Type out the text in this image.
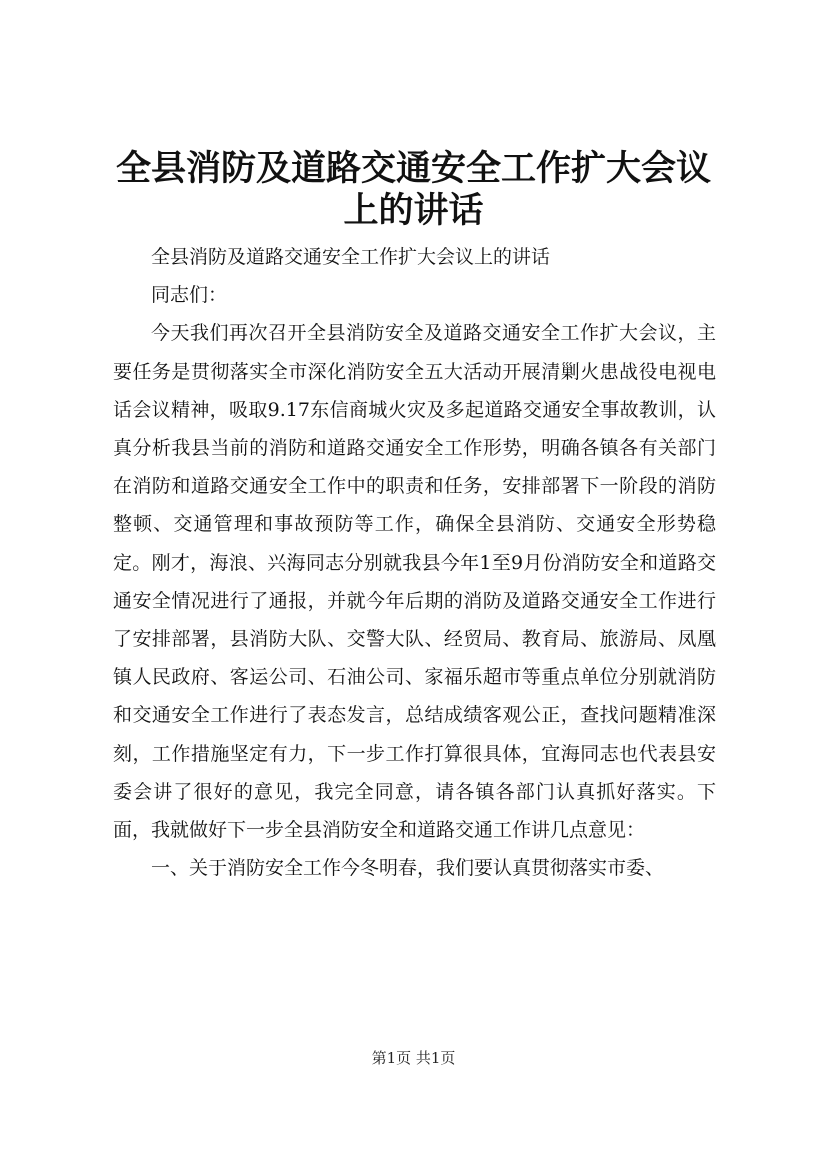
全县消防及道路交通安全工作扩大会议上的讲话

全县消防及道路交通安全工作扩大会议上的讲话

同志们：

今天我们再次召开全县消防安全及道路交通安全工作扩大会议，主要任务是贯彻落实全市深化消防安全五大活动开展清剿火患战役电视电话会议精神，吸取9.17东信商城火灾及多起道路交通安全事故教训，认真分析我县当前的消防和道路交通安全工作形势，明确各镇各有关部门在消防和道路交通安全工作中的职责和任务，安排部署下一阶段的消防整顿、交通管理和事故预防等工作，确保全县消防、交通安全形势稳定。刚才，海浪、兴海同志分别就我县今年1至9月份消防安全和道路交通安全情况进行了通报，并就今年后期的消防及道路交通安全工作进行了安排部署，县消防大队、交警大队、经贸局、教育局、旅游局、凤凰镇人民政府、客运公司、石油公司、家福乐超市等重点单位分别就消防和交通安全工作进行了表态发言，总结成绩客观公正，查找问题精准深刻，工作措施坚定有力，下一步工作打算很具体，宜海同志也代表县安委会讲了很好的意见，我完全同意，请各镇各部门认真抓好落实。下面，我就做好下一步全县消防安全和道路交通工作讲几点意见：

一、关于消防安全工作今冬明春，我们要认真贯彻落实市委、

第1页 共1页
